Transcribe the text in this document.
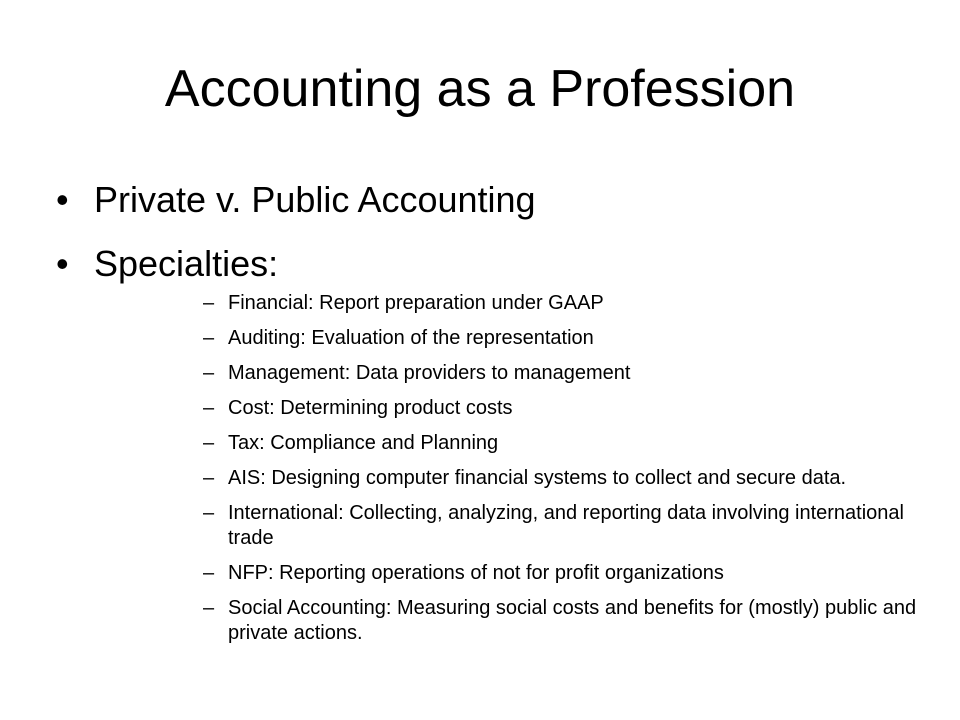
Accounting as a Profession
• Private v. Public Accounting
• Specialties:
– Financial: Report preparation under GAAP
– Auditing: Evaluation of the representation
– Management: Data providers to management
– Cost: Determining product costs
– Tax: Compliance and Planning
– AIS: Designing computer financial systems to collect and secure data.
– International: Collecting, analyzing, and reporting data involving international trade
– NFP: Reporting operations of not for profit organizations
– Social Accounting: Measuring social costs and benefits for (mostly) public and private actions.
